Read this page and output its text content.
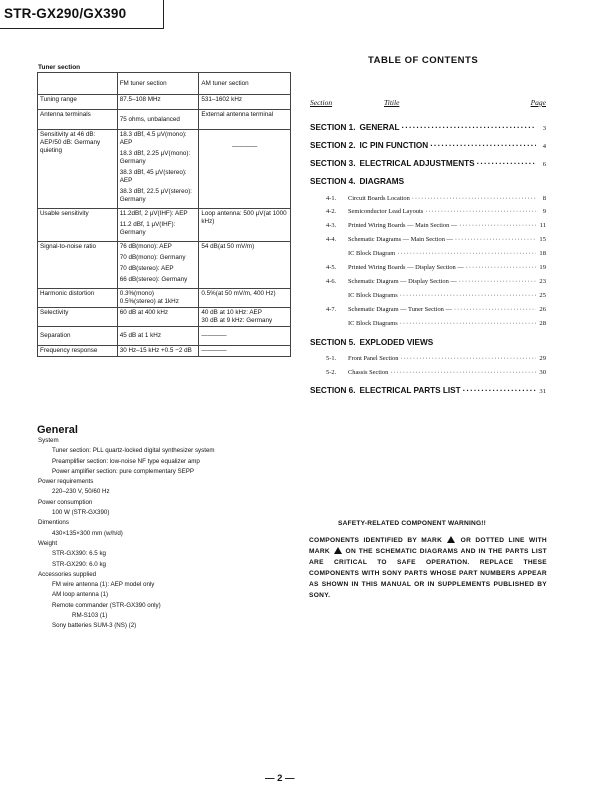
STR-GX290/GX390
Tuner section
	FM tuner section	AM tuner section
Tuning range	87.5–108 MHz	531–1602 kHz
Antenna terminals	75 ohms, unbalanced	External antenna terminal
Sensitivity at 46 dB: AEP/50 dB: Germany quieting	18.3 dBf, 4.5 μV(mono): AEP
18.3 dBf, 2.25 μV(mono): Germany
38.3 dBf, 45 μV(stereo): AEP
38.3 dBf, 22.5 μV(stereo): Germany	————

Usable sensitivity	11.2dBf, 2 μV(IHF): AEP
11.2 dBf, 1 μV(IHF): Germany	Loop antenna: 500 μV(at 1000 kHz)
Signal-to-noise ratio	76 dB(mono): AEP
70 dB(mono): Germany
70 dB(stereo): AEP
66 dB(stereo): Germany	54 dB(at 50 mV/m)
Harmonic distortion	0.3%(mono)
0.5%(stereo) at 1kHz	0.5%(at 50 mV/m, 400 Hz)
Selectivity	60 dB at 400 kHz	40 dB at 10 kHz: AEP
30 dB at 9 kHz: Germany

Separation	45 dB at 1 kHz	————
Frequency response	30 Hz–15 kHz +0.5 −2 dB	————
General
System
Tuner section: PLL quartz-locked digital synthesizer system
Preamplifier section: low-noise NF type equalizer amp
Power amplifier section: pure complementary SEPP
Power requirements
220–230 V, 50/60 Hz
Power consumption
100 W (STR-GX390)
Dimentions
430×135×300 mm (w/h/d)
Weight
STR-GX390: 6.5 kg
STR-GX290: 6.0 kg
Accessories supplied
FM wire antenna (1): AEP model only
AM loop antenna (1)
Remote commander (STR-GX390 only)
RM-S103 (1)
Sony batteries SUM-3 (NS) (2)
TABLE OF CONTENTS
Section	Titile	Page
SECTION 1. GENERAL ·····	3
SECTION 2. IC PIN FUNCTION ·····	4
SECTION 3. ELECTRICAL ADJUSTMENTS ·····	6
SECTION 4. DIAGRAMS
4-1.	Circuit Boards Location ·····	8
4-2.	Semiconductor Lead Layouts ·····	9
4-3.	Printed Wiring Boards — Main Section — ·····	11
4-4.	Schematic Diagrams — Main Section — ·····	15
IC Block Diagram ·····	18
4-5.	Printed Wiring Boards — Display Section — ·····	19
4-6.	Schematic Diagram — Display Section — ·····	23
IC Block Diagrams ·····	25
4-7.	Schematic Diagram — Tuner Section — ·····	26
IC Block Diagrams ·····	28
SECTION 5. EXPLODED VIEWS
5-1.	Front Panel Section ·····	29
5-2.	Chassis Section ·····	30
SECTION 6. ELECTRICAL PARTS LIST ·····	31
SAFETY-RELATED COMPONENT WARNING!!
COMPONENTS IDENTIFIED BY MARK	OR DOTTED LINE WITH MARK ON THE SCHEMATIC DIAGRAMS AND IN THE PARTS LIST ARE CRITICAL TO SAFE OPERATION. REPLACE THESE COMPONENTS WITH SONY PARTS WHOSE PART NUMBERS APPEAR AS SHOWN IN THIS MANUAL OR IN SUPPLEMENTS PUBLISHED BY SONY.
— 2 —
